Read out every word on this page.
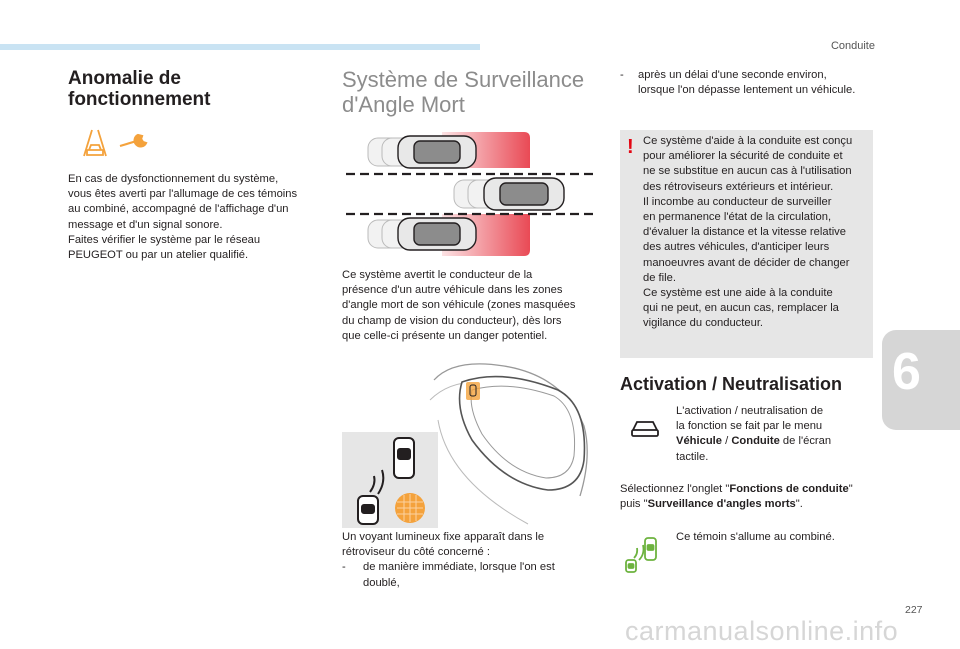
Conduite
Anomalie de
fonctionnement
En cas de dysfonctionnement du système,
vous êtes averti par l'allumage de ces témoins
au combiné, accompagné de l'affichage d'un
message et d'un signal sonore.
Faites vérifier le système par le réseau
PEUGEOT ou par un atelier qualifié.
Système de Surveillance
d'Angle Mort
Ce système avertit le conducteur de la
présence d'un autre véhicule dans les zones
d'angle mort de son véhicule (zones masquées
du champ de vision du conducteur), dès lors
que celle-ci présente un danger potentiel.
Un voyant lumineux fixe apparaît dans le
rétroviseur du côté concerné :
- de manière immédiate, lorsque l'on est
doublé,
- après un délai d'une seconde environ,
lorsque l'on dépasse lentement un véhicule.
! Ce système d'aide à la conduite est conçu
pour améliorer la sécurité de conduite et
ne se substitue en aucun cas à l'utilisation
des rétroviseurs extérieurs et intérieur.
Il incombe au conducteur de surveiller
en permanence l'état de la circulation,
d'évaluer la distance et la vitesse relative
des autres véhicules, d'anticiper leurs
manoeuvres avant de décider de changer
de file.
Ce système est une aide à la conduite
qui ne peut, en aucun cas, remplacer la
vigilance du conducteur.
Activation / Neutralisation
L'activation / neutralisation de
la fonction se fait par le menu
Véhicule / Conduite de l'écran
tactile.
Sélectionnez l'onglet "Fonctions de conduite"
puis "Surveillance d'angles morts".
Ce témoin s'allume au combiné.
6
227
carmanualsonline.info
